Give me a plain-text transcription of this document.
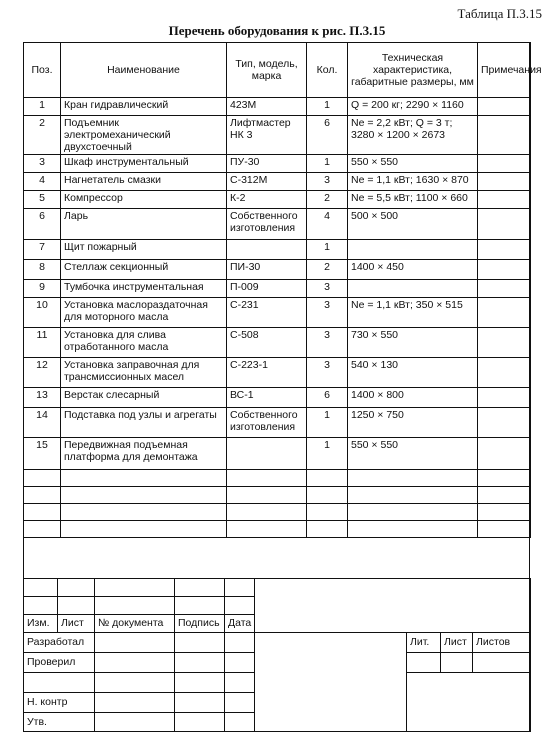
Таблица П.3.15
Перечень оборудования к рис. П.3.15
Поз.	Наименование	Тип, модель, марка	Кол.	Техническая характеристика, габаритные размеры, мм	Примечания
1	Кран гидравлический	423М	1	Q = 200 кг; 2290 × 1160	
2	Подъемник электромеханический двухстоечный	Лифтмастер НК 3	6	Ne = 2,2 кВт; Q = 3 т; 3280 × 1200 × 2673	
3	Шкаф инструментальный	ПУ-30	1	550 × 550	
4	Нагнетатель смазки	С-312М	3	Ne = 1,1 кВт; 1630 × 870	
5	Компрессор	К-2	2	Ne = 5,5 кВт; 1100 × 660	
6	Ларь	Собственного изготовления	4	500 × 500	
7	Щит пожарный		1		
8	Стеллаж секционный	ПИ-30	2	1400 × 450	
9	Тумбочка инструментальная	П-009	3		
10	Установка маслораздаточная для моторного масла	С-231	3	Ne = 1,1 кВт; 350 × 515	
11	Установка для слива отработанного масла	С-508	3	730 × 550	
12	Установка заправочная для трансмиссионных масел	С-223-1	3	540 × 130	
13	Верстак слесарный	ВС-1	6	1400 × 800	
14	Подставка под узлы и агрегаты	Собственного изготовления	1	1250 × 750	
15	Передвижная подъемная платформа для демонтажа		1	550 × 550	

Изм.	Лист	№ документа	Подпись	Дата	
Разработал					Лит.	Лист	Листов
Проверил							

Н. контр							
Утв.							
